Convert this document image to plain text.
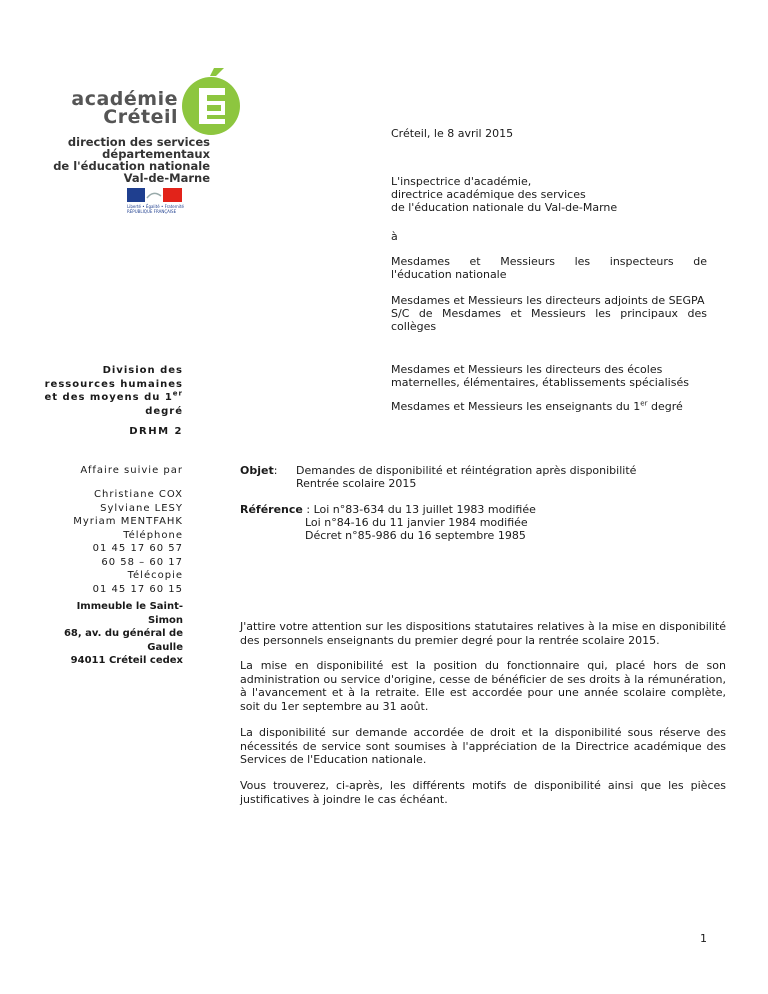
académie
Créteil
direction des services
départementaux
de l'éducation nationale
Val-de-Marne
Liberté • Égalité • Fraternité
RÉPUBLIQUE FRANÇAISE
Division des ressources humaines et des moyens du 1er degré
DRHM 2
Affaire suivie par
Christiane COX
Sylviane LESY
Myriam MENTFAHK
Téléphone
01 45 17 60 57
60 58 – 60 17
Télécopie
01 45 17 60 15
Immeuble le Saint-Simon
68, av. du général de Gaulle
94011 Créteil cedex
Créteil, le 8 avril 2015
L'inspectrice d'académie,
directrice académique des services
de l'éducation nationale du Val-de-Marne
à
Mesdames et Messieurs les inspecteurs de
l'éducation nationale
Mesdames et Messieurs les directeurs adjoints de SEGPA
S/C de Mesdames et Messieurs les principaux des collèges
Mesdames et Messieurs les directeurs des écoles maternelles, élémentaires, établissements spécialisés
Mesdames et Messieurs les enseignants du 1er degré
Objet: Demandes de disponibilité et réintégration après disponibilité
Rentrée scolaire 2015
Référence : Loi n°83-634 du 13 juillet 1983 modifiée
Loi n°84-16 du 11 janvier 1984 modifiée
Décret n°85-986 du 16 septembre 1985

J'attire votre attention sur les dispositions statutaires relatives à la mise en disponibilité des personnels enseignants du premier degré pour la rentrée scolaire 2015.

La mise en disponibilité est la position du fonctionnaire qui, placé hors de son administration ou service d'origine, cesse de bénéficier de ses droits à la rémunération, à l'avancement et à la retraite. Elle est accordée pour une année scolaire complète, soit du 1er septembre au 31 août.

La disponibilité sur demande accordée de droit et la disponibilité sous réserve des nécessités de service sont soumises à l'appréciation de la Directrice académique des Services de l'Education nationale.

Vous trouverez, ci-après, les différents motifs de disponibilité ainsi que les pièces justificatives à joindre le cas échéant.

1
